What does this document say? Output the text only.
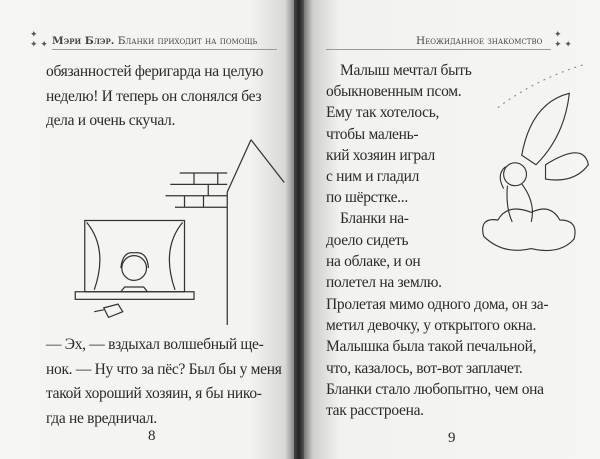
✦
✦ ✦ Мэри Блэр. Бланки приходит на помощь
обязанностей феригарда на целую
неделю! И теперь он слонялся без
дела и очень скучал.
— Эх, — вздыхал волшебный ще-
нок. — Ну что за пёс? Был бы у меня
такой хороший хозяин, я бы нико-
гда не вредничал.
8
Неожиданное знакомство ✦
✦ ✦
Малыш мечтал быть
обыкновенным псом.
Ему так хотелось,
чтобы малень-
кий хозяин играл
с ним и гладил
по шёрстке...
Бланки на-
доело сидеть
на облаке, и он
полетел на землю.
Пролетая мимо одного дома, он за-
метил девочку, у открытого окна.
Малышка была такой печальной,
что, казалось, вот-вот заплачет.
Бланки стало любопытно, чем она
так расстроена.
9
